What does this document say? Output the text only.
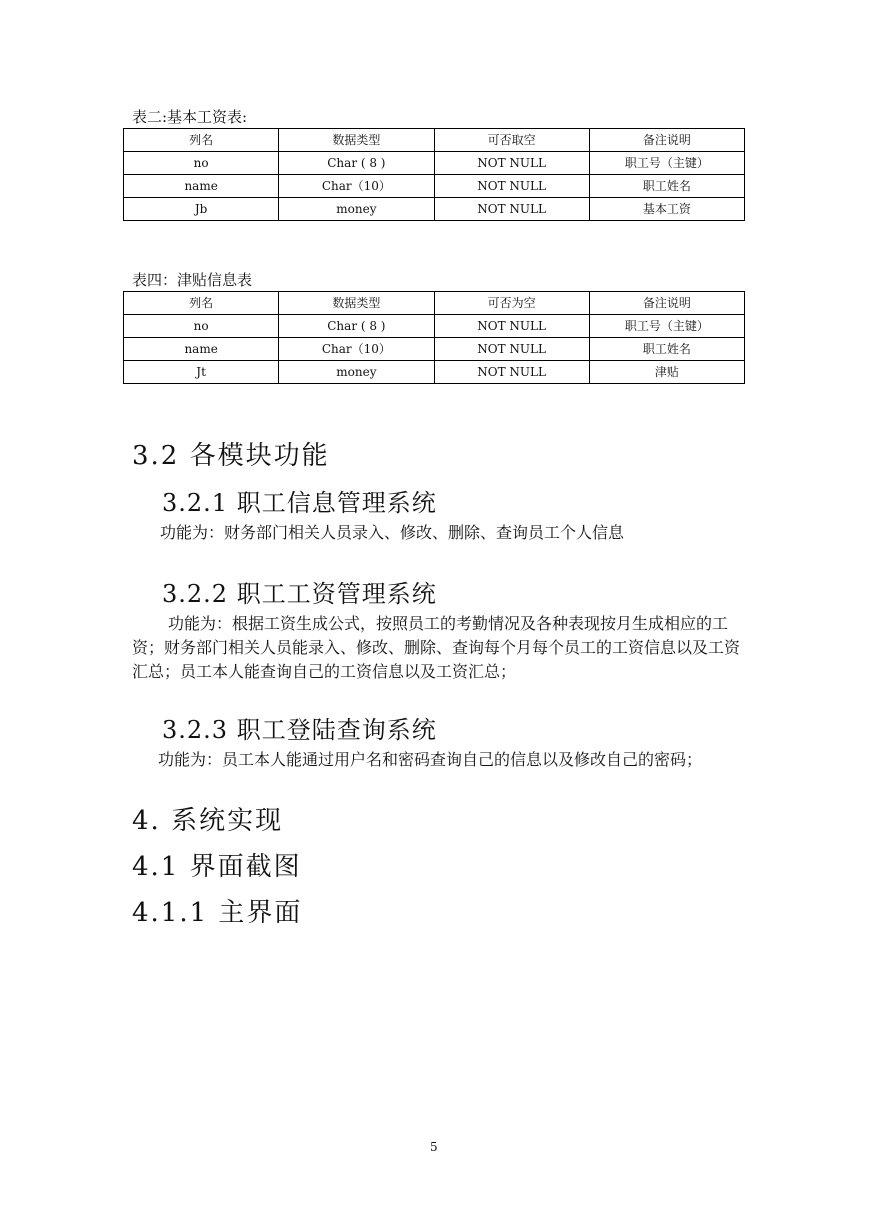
表二:基本工资表:
列名	数据类型	可否取空	备注说明
no	Char ( 8 )	NOT NULL	职工号（主键）
name	Char（10）	NOT NULL	职工姓名
Jb	money	NOT NULL	基本工资
表四：津贴信息表
列名	数据类型	可否为空	备注说明
no	Char ( 8 )	NOT NULL	职工号（主键）
name	Char（10）	NOT NULL	职工姓名
Jt	money	NOT NULL	津贴
3.2 各模块功能
3.2.1 职工信息管理系统
功能为：财务部门相关人员录入、修改、删除、查询员工个人信息
3.2.2 职工工资管理系统
功能为：根据工资生成公式，按照员工的考勤情况及各种表现按月生成相应的工资；财务部门相关人员能录入、修改、删除、查询每个月每个员工的工资信息以及工资汇总；员工本人能查询自己的工资信息以及工资汇总；
3.2.3 职工登陆查询系统
功能为：员工本人能通过用户名和密码查询自己的信息以及修改自己的密码；
4. 系统实现
4.1 界面截图
4.1.1 主界面
5
